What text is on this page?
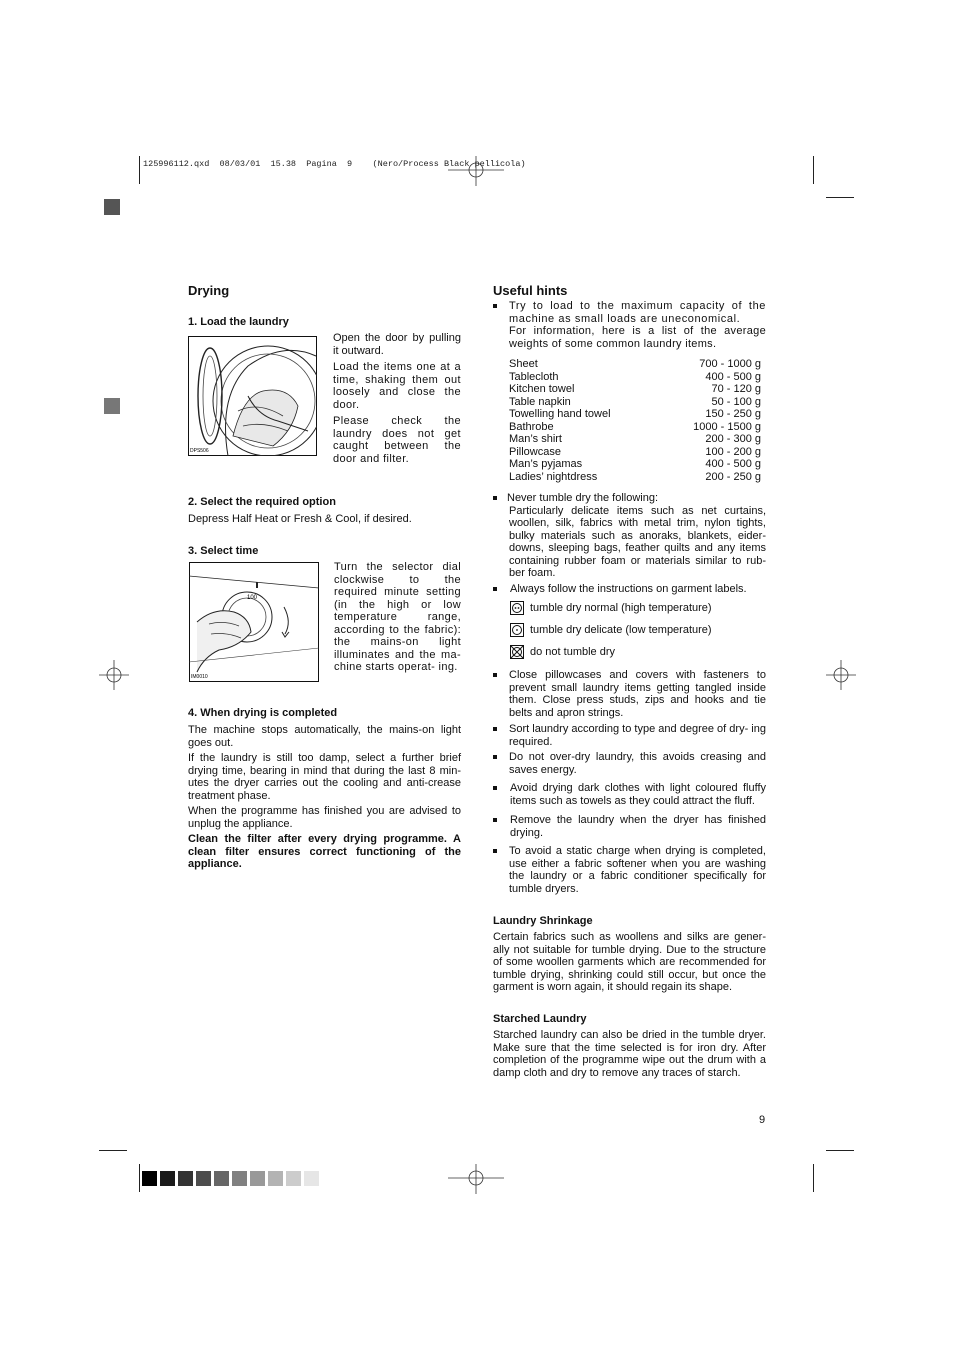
125996112.qxd  08/03/01  15.38  Pagina  9    (Nero/Process Black pellicola)
Drying
1. Load the laundry
DPS506

Open the door by pulling it outward.

Load the items one at a time, shaking them out loosely and close the door.

Please check the laundry does not get caught between the door and filter.

2. Select the required option

Depress Half Heat or Fresh & Cool, if desired.

3. Select time
100
IM0010

Turn the selector dial clockwise to the required minute setting (in the high or low temperature range, according to the fabric): the mains-on light illuminates and the ma- chine starts operat- ing.

4. When drying is completed

The machine stops automatically, the mains-on light goes out.

If the laundry is still too damp, select a further brief drying time, bearing in mind that during the last 8 min- utes the dryer carries out the cooling and anti-crease treatment phase.

When the programme has finished you are advised to unplug the appliance.

Clean the filter after every drying programme. A clean filter ensures correct functioning of the appliance.

Useful hints

Try to load to the maximum capacity of the machine as small loads are uneconomical.

For information, here is a list of the average weights of some common laundry items.

Sheet	700 - 1000 g
Tablecloth	400 - 500 g
Kitchen towel	70 - 120 g
Table napkin	50 - 100 g
Towelling hand towel	150 - 250 g
Bathrobe	1000 - 1500 g
Man’s shirt	200 - 300 g
Pillowcase	100 - 200 g
Man’s pyjamas	400 - 500 g
Ladies’ nightdress	200 - 250 g

Never tumble dry the following:

Particularly delicate items such as net curtains, woollen, silk, fabrics with metal trim, nylon tights, bulky materials such as anoraks, blankets, eider- downs, sleeping bags, feather quilts and any items containing rubber foam or materials similar to rub- ber foam.

Always follow the instructions on garment labels.

tumble dry normal (high temperature)
tumble dry delicate (low temperature)
do not tumble dry

Close pillowcases and covers with fasteners to prevent small laundry items getting tangled inside them. Close press studs, zips and hooks and tie belts and apron strings.

Sort laundry according to type and degree of dry- ing required.

Do not over-dry laundry, this avoids creasing and saves energy.

Avoid drying dark clothes with light coloured fluffy items such as towels as they could attract the fluff.

Remove the laundry when the dryer has finished drying.

To avoid a static charge when drying is completed, use either a fabric softener when you are washing the laundry or a fabric conditioner specifically for tumble dryers.

Laundry Shrinkage

Certain fabrics such as woollens and silks are gener- ally not suitable for tumble drying. Due to the structure of some woollen garments which are recommended for tumble drying, shrinking could still occur, but once the garment is worn again, it should regain its shape.

Starched Laundry

Starched laundry can also be dried in the tumble dryer. Make sure that the time selected is for iron dry. After completion of the programme wipe out the drum with a damp cloth and dry to remove any traces of starch.

9
